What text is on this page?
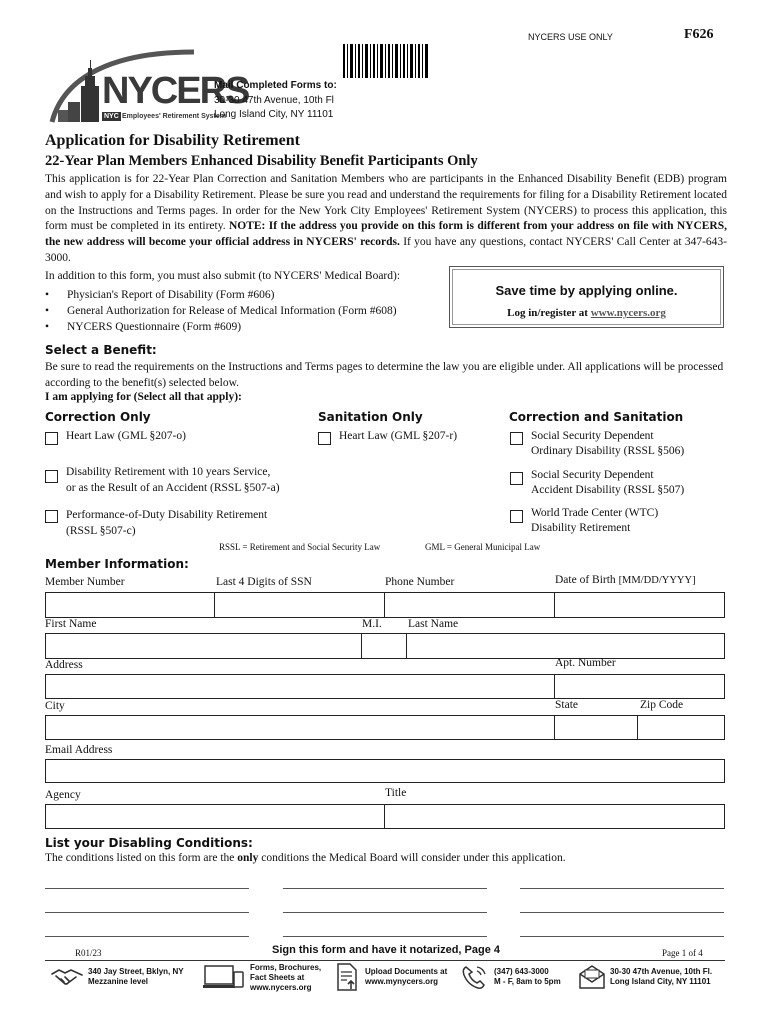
NYCERS USE ONLY	F626
NYCERS
NYC Employees' Retirement System
Mail Completed Forms to:
30-30 47th Avenue, 10th Fl
Long Island City, NY 11101
Application for Disability Retirement
22-Year Plan Members Enhanced Disability Benefit Participants Only
This application is for 22-Year Plan Correction and Sanitation Members who are participants in the Enhanced Disability Benefit (EDB) program and wish to apply for a Disability Retirement. Please be sure you read and understand the requirements for filing for a Disability Retirement located on the Instructions and Terms pages. In order for the New York City Employees' Retirement System (NYCERS) to process this application, this form must be completed in its entirety. NOTE: If the address you provide on this form is different from your address on file with NYCERS, the new address will become your official address in NYCERS' records. If you have any questions, contact NYCERS' Call Center at 347-643-3000.
In addition to this form, you must also submit (to NYCERS' Medical Board):
• Physician's Report of Disability (Form #606)
• General Authorization for Release of Medical Information (Form #608)
• NYCERS Questionnaire (Form #609)
Save time by applying online.
Log in/register at www.nycers.org
Select a Benefit:
Be sure to read the requirements on the Instructions and Terms pages to determine the law you are eligible under. All applications will be processed according to the benefit(s) selected below.
I am applying for (Select all that apply):
Correction Only	Sanitation Only	Correction and Sanitation
Heart Law (GML §207-o)	Heart Law (GML §207-r)	Social Security Dependent
Ordinary Disability (RSSL §506)
Disability Retirement with 10 years Service,
or as the Result of an Accident (RSSL §507-a)
Social Security Dependent
Accident Disability (RSSL §507)
Performance-of-Duty Disability Retirement
(RSSL §507-c)
World Trade Center (WTC)
Disability Retirement
RSSL = Retirement and Social Security Law	GML = General Municipal Law
Member Information:
Member Number	Last 4 Digits of SSN	Phone Number	Date of Birth [MM/DD/YYYY]
First Name	M.I. Last Name
Address	Apt. Number
City	State	Zip Code
Email Address
Agency	Title
List your Disabling Conditions:
The conditions listed on this form are the only conditions the Medical Board will consider under this application.
R01/23	Sign this form and have it notarized, Page 4	Page 1 of 4
340 Jay Street, Bklyn, NY
Mezzanine level
Forms, Brochures,
Fact Sheets at
www.nycers.org
Upload Documents at
www.mynycers.org
(347) 643-3000
M - F, 8am to 5pm
30-30 47th Avenue, 10th Fl.
Long Island City, NY 11101
